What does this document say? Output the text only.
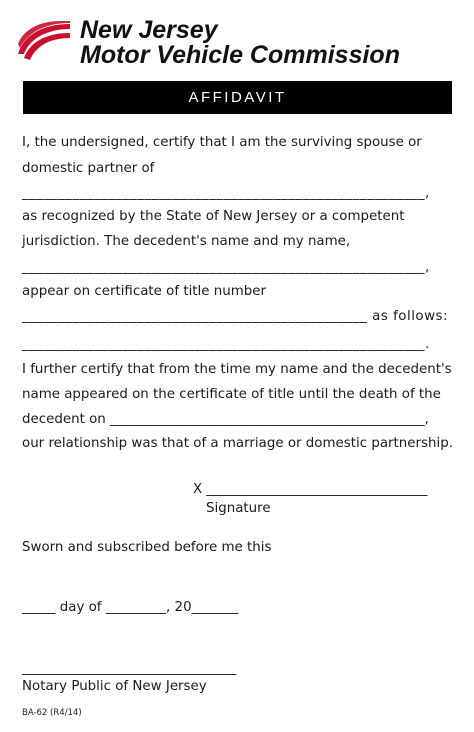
New Jersey
Motor Vehicle Commission
AFFIDAVIT
I, the undersigned, certify that I am the surviving spouse or
domestic partner of
________________________________________________________,
as recognized by the State of New Jersey or a competent
jurisdiction. The decedent's name and my name,
________________________________________________________,
appear on certificate of title number
________________________________________________ as follows:
________________________________________________________.
I further certify that from the time my name and the decedent's
name appeared on the certificate of title until the death of the
decedent on _______________________________________________,
our relationship was that of a marriage or domestic partnership.
X _________________________________
Signature
Sworn and subscribed before me this
_____ day of _________, 20_______
________________________________
Notary Public of New Jersey
BA-62 (R4/14)
